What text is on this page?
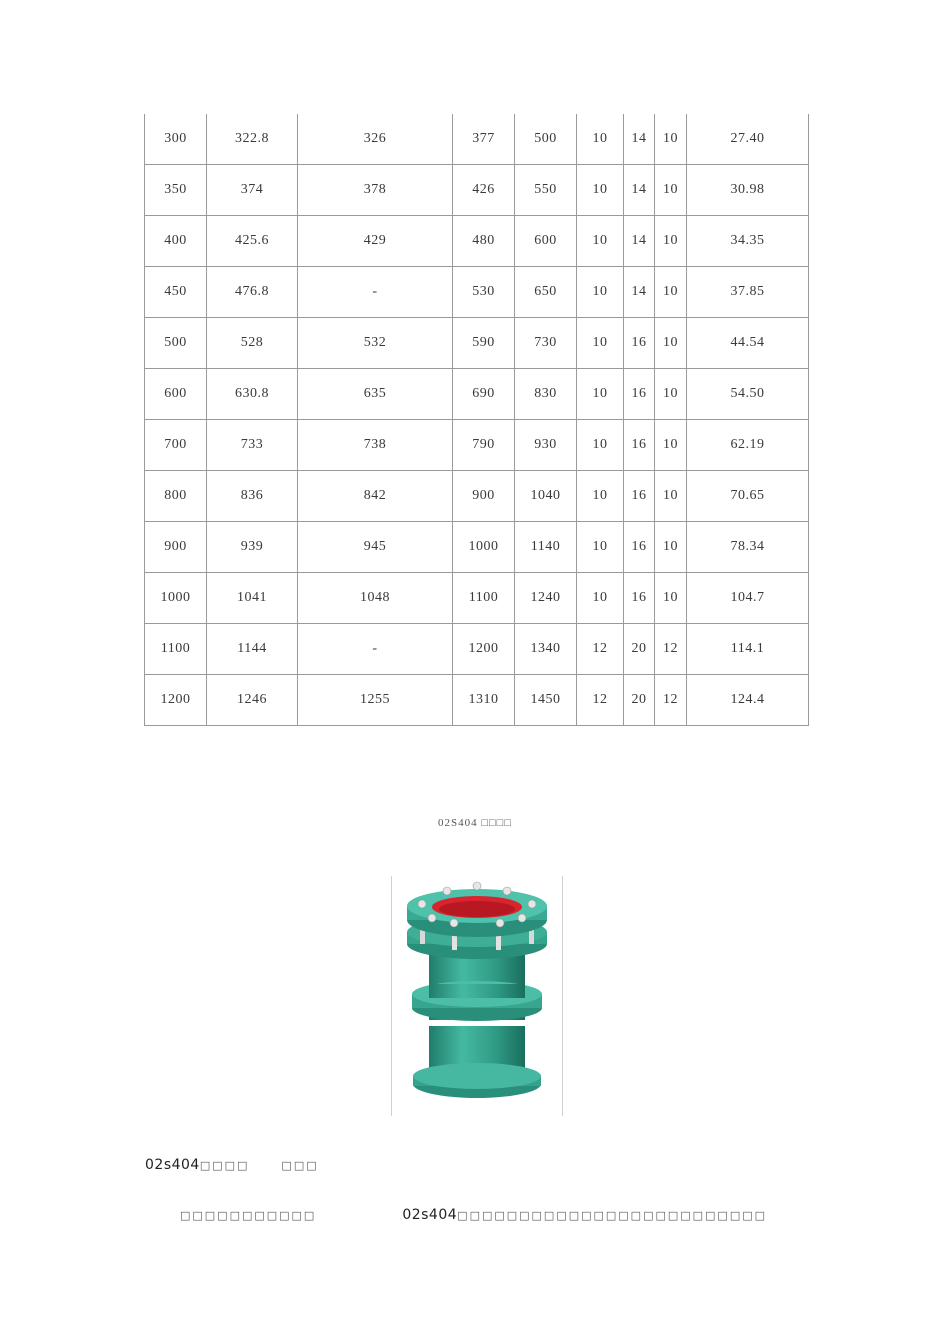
300	322.8	326	377	500	10	14	10	27.40
350	374	378	426	550	10	14	10	30.98
400	425.6	429	480	600	10	14	10	34.35
450	476.8	-	530	650	10	14	10	37.85
500	528	532	590	730	10	16	10	44.54
600	630.8	635	690	830	10	16	10	54.50
700	733	738	790	930	10	16	10	62.19
800	836	842	900	1040	10	16	10	70.65
900	939	945	1000	1140	10	16	10	78.34
1000	1041	1048	1100	1240	10	16	10	104.7
1100	1144	-	1200	1340	12	20	12	114.1
1200	1246	1255	1310	1450	12	20	12	124.4
02S404 □□□□
02s404□□□□	□□□
□□□□□□□□□□□	02s404□□□□□□□□□□□□□□□□□□□□□□□□□
